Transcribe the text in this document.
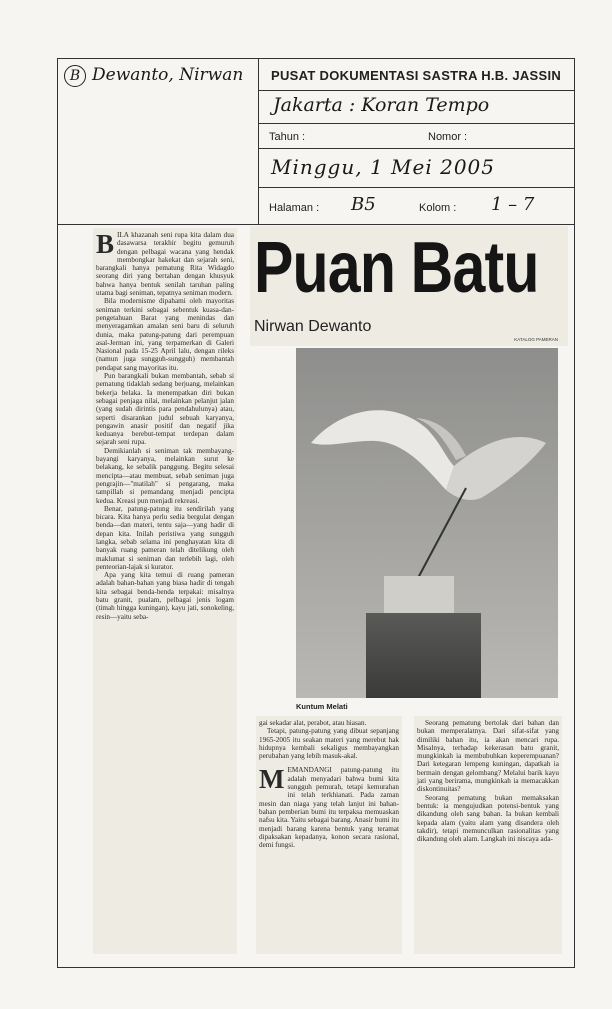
B Dewanto, Nirwan PUSAT DOKUMENTASI SASTRA H.B. JASSIN
Jakarta : Koran Tempo
Tahun :	Nomor :
Minggu, 1 Mei 2005
Halaman : B5	Kolom : 1 – 7

BILA khazanah seni rupa kita dalam dua dasawarsa terakhir begitu gemuruh dengan pelbagai wacana yang hendak membongkar hakekat dan sejarah seni, barangkali hanya pematung Rita Widagdo seorang diri yang bertahan dengan khusyuk bahwa hanya bentuk senilah taruhan paling utama bagi seniman, tepatnya seniman modern.

Bila modernisme dipahami oleh mayoritas seniman terkini sebagai sebentuk kuasa-dan-pengetahuan Barat yang menindas dan menyeragamkan amalan seni baru di seluruh dunia, maka patung-patung dari perempuan asal-Jerman ini, yang terpamerkan di Galeri Nasional pada 15-25 April lalu, dengan rileks (namun juga sungguh-sungguh) membantah pendapat sang mayoritas itu.

Pun barangkali bukan membantah, sebab si pematung tidaklah sedang berjuang, melainkan bekerja belaka. Ia menempatkan diri bukan sebagai penjaga nilai, melainkan pelanjut jalan (yang sudah dirintis para pendahulunya) atau, seperti disarankan judul sebuah karyanya, pengawin anasir positif dan negatif jika keduanya berebut-tempat terdepan dalam sejarah seni rupa.

Demikianlah si seniman tak membayang-bayangi karyanya, melainkan surut ke belakang, ke sebalik panggung. Begitu selesai mencipta—atau membuat, sebab seniman juga pengrajin—"matilah" si pengarang, maka tampillah si pemandang menjadi pencipta kedua. Kreasi pun menjadi rekreasi.

Benar, patung-patung itu sendirilah yang bicara. Kita hanya perlu sedia bergulat dengan benda—dan materi, tentu saja—yang hadir di depan kita. Inilah peristiwa yang sungguh langka, sebab selama ini penghayatan kita di banyak ruang pameran telah ditelikung oleh maklumat si seniman dan terlebih lagi, oleh penteorian-lajak si kurator.

Apa yang kita temui di ruang pameran adalah bahan-bahan yang biasa hadir di tengah kita sebagai benda-benda terpakai: misalnya batu granit, pualam, pelbagai jenis logam (timah hingga kuningan), kayu jati, sonokeling, resin—yaitu seba-

Puan Batu
Nirwan Dewanto
KATALOG PAMERAN
Kuntum Melati

gai sekadar alat, perabot, atau hiasan.

Tetapi, patung-patung yang dibuat sepanjang 1965-2005 itu seakan materi yang merebut hak hidupnya kembali sekaligus membayangkan perubahan yang lebih masuk-akal.

MEMANDANGI patung-patung itu adalah menyadari bahwa bumi kita sungguh pemurah, tetapi kemurahan ini telah terkhianati. Pada zaman mesin dan niaga yang telah lanjut ini bahan-bahan pemberian bumi itu terpaksa memuaskan nafsu kita. Yaitu sebagai barang. Anasir bumi itu menjadi barang karena bentuk yang teramat dipaksakan kepadanya, konon secara rasional, demi fungsi.

Seorang pematung bertolak dari bahan dan bukan memperalatnya. Dari sifat-sifat yang dimiliki bahan itu, ia akan mencari rupa. Misalnya, terhadap kekerasan batu granit, mungkinkah ia membubuhkan keperempuanan? Dari ketegaran lempeng kuningan, dapatkah ia bermain dengan gelombang? Melalui barik kayu jati yang berirama, mungkinkah ia memacakkan diskontinuitas?

Seorang pematung bukan memaksakan bentuk: ia mengujudkan potensi-bentuk yang dikandung oleh sang bahan. Ia bukan kembali kepada alam (yaitu alam yang disandera oleh takdir), tetapi memunculkan rasionalitas yang dikandung oleh alam. Langkah ini niscaya ada-
